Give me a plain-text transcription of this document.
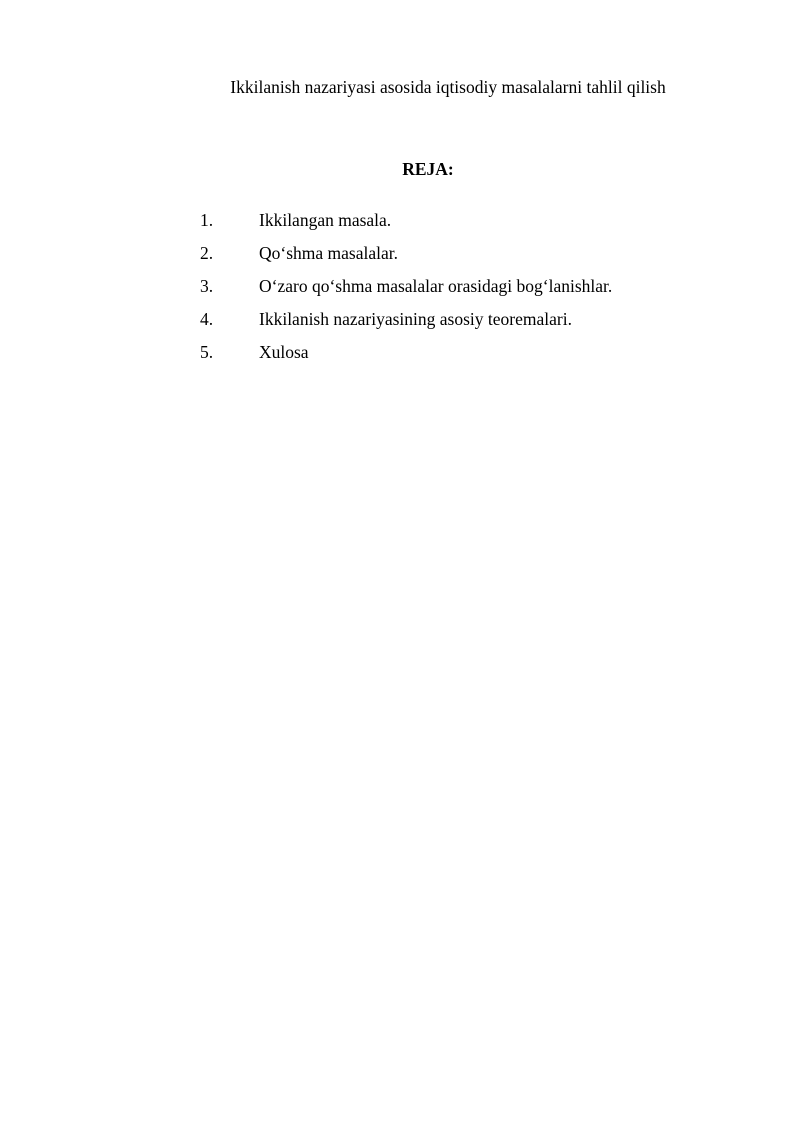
Ikkilanish nazariyasi asosida iqtisodiy masalalarni tahlil qilish
REJA:
1.	Ikkilangan masala.
2.	Qo‘shma masalalar.
3.	O‘zaro qo‘shma masalalar orasidagi bog‘lanishlar.
4.	Ikkilanish nazariyasining asosiy teoremalari.
5.	Xulosa
